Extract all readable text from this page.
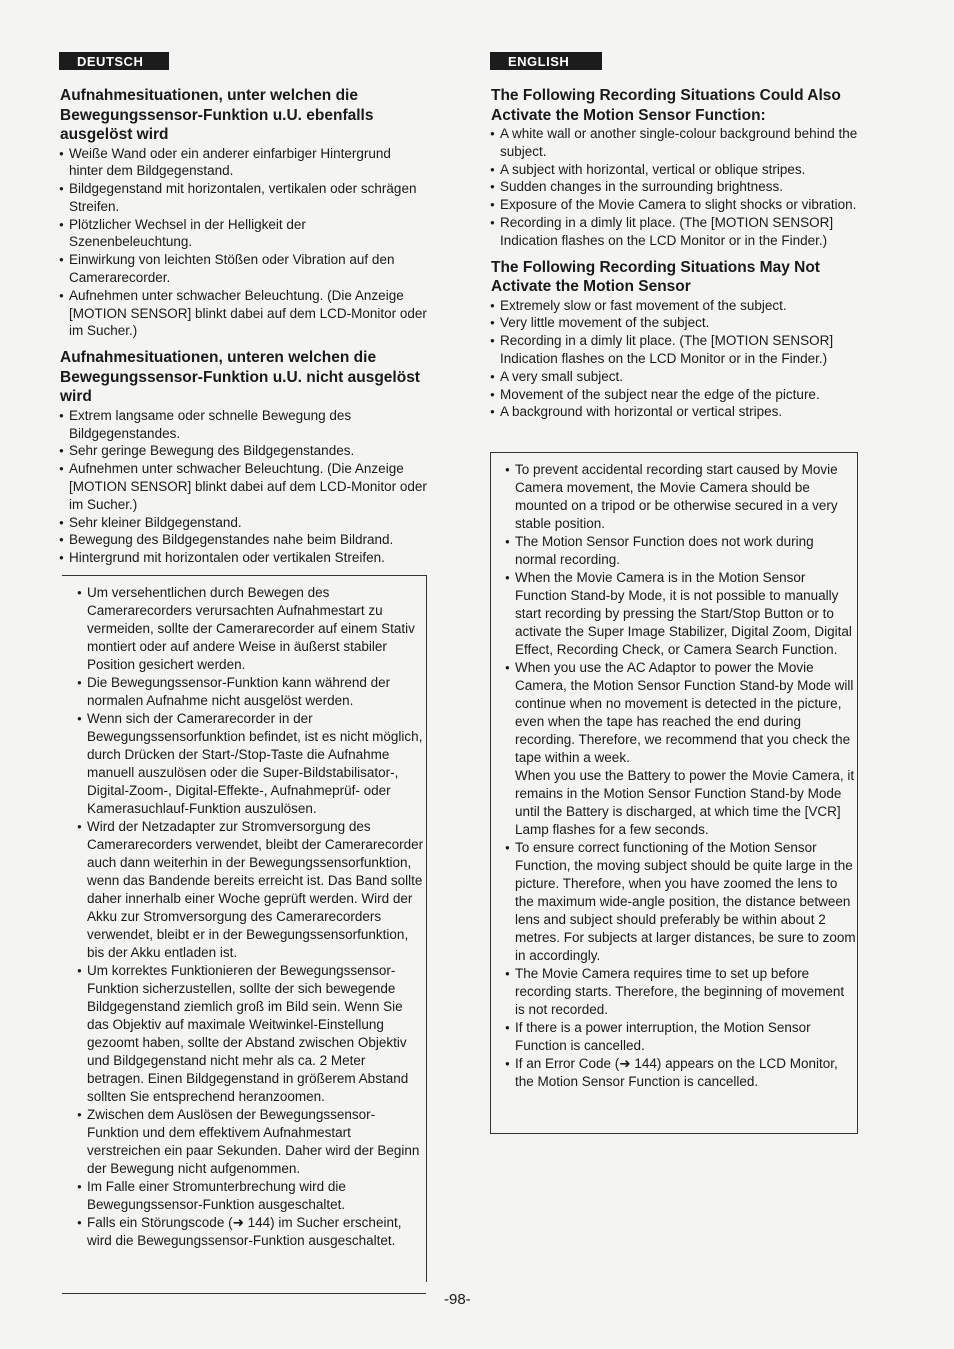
DEUTSCH
Aufnahmesituationen, unter welchen die Bewegungssensor-Funktion u.U. ebenfalls ausgelöst wird
● Weiße Wand oder ein anderer einfarbiger Hintergrund hinter dem Bildgegenstand.
● Bildgegenstand mit horizontalen, vertikalen oder schrägen Streifen.
● Plötzlicher Wechsel in der Helligkeit der Szenenbeleuchtung.
● Einwirkung von leichten Stößen oder Vibration auf den Camerarecorder.
● Aufnehmen unter schwacher Beleuchtung. (Die Anzeige [MOTION SENSOR] blinkt dabei auf dem LCD-Monitor oder im Sucher.)
Aufnahmesituationen, unteren welchen die Bewegungssensor-Funktion u.U. nicht ausgelöst wird
● Extrem langsame oder schnelle Bewegung des Bildgegenstandes.
● Sehr geringe Bewegung des Bildgegenstandes.
● Aufnehmen unter schwacher Beleuchtung. (Die Anzeige [MOTION SENSOR] blinkt dabei auf dem LCD-Monitor oder im Sucher.)
● Sehr kleiner Bildgegenstand.
● Bewegung des Bildgegenstandes nahe beim Bildrand.
● Hintergrund mit horizontalen oder vertikalen Streifen.
● Um versehentlichen durch Bewegen des Camerarecorders verursachten Aufnahmestart zu vermeiden, sollte der Camerarecorder auf einem Stativ montiert oder auf andere Weise in äußerst stabiler Position gesichert werden.
● Die Bewegungssensor-Funktion kann während der normalen Aufnahme nicht ausgelöst werden.
● Wenn sich der Camerarecorder in der Bewegungssensorfunktion befindet, ist es nicht möglich, durch Drücken der Start-/Stop-Taste die Aufnahme manuell auszulösen oder die Super-Bildstabilisator-, Digital-Zoom-, Digital-Effekte-, Aufnahmeprüf- oder Kamerasuchlauf-Funktion auszulösen.
● Wird der Netzadapter zur Stromversorgung des Camerarecorders verwendet, bleibt der Camerarecorder auch dann weiterhin in der Bewegungssensorfunktion, wenn das Bandende bereits erreicht ist. Das Band sollte daher innerhalb einer Woche geprüft werden. Wird der Akku zur Stromversorgung des Camerarecorders verwendet, bleibt er in der Bewegungssensorfunktion, bis der Akku entladen ist.
● Um korrektes Funktionieren der Bewegungssensor-Funktion sicherzustellen, sollte der sich bewegende Bildgegenstand ziemlich groß im Bild sein. Wenn Sie das Objektiv auf maximale Weitwinkel-Einstellung gezoomt haben, sollte der Abstand zwischen Objektiv und Bildgegenstand nicht mehr als ca. 2 Meter betragen. Einen Bildgegenstand in größerem Abstand sollten Sie entsprechend heranzoomen.
● Zwischen dem Auslösen der Bewegungssensor-Funktion und dem effektivem Aufnahmestart verstreichen ein paar Sekunden. Daher wird der Beginn der Bewegung nicht aufgenommen.
● Im Falle einer Stromunterbrechung wird die Bewegungssensor-Funktion ausgeschaltet.
● Falls ein Störungscode (➜ 144) im Sucher erscheint, wird die Bewegungssensor-Funktion ausgeschaltet.
ENGLISH
The Following Recording Situations Could Also Activate the Motion Sensor Function:
● A white wall or another single-colour background behind the subject.
● A subject with horizontal, vertical or oblique stripes.
● Sudden changes in the surrounding brightness.
● Exposure of the Movie Camera to slight shocks or vibration.
● Recording in a dimly lit place. (The [MOTION SENSOR] Indication flashes on the LCD Monitor or in the Finder.)
The Following Recording Situations May Not Activate the Motion Sensor
● Extremely slow or fast movement of the subject.
● Very little movement of the subject.
● Recording in a dimly lit place. (The [MOTION SENSOR] Indication flashes on the LCD Monitor or in the Finder.)
● A very small subject.
● Movement of the subject near the edge of the picture.
● A background with horizontal or vertical stripes.
● To prevent accidental recording start caused by Movie Camera movement, the Movie Camera should be mounted on a tripod or be otherwise secured in a very stable position.
● The Motion Sensor Function does not work during normal recording.
● When the Movie Camera is in the Motion Sensor Function Stand-by Mode, it is not possible to manually start recording by pressing the Start/Stop Button or to activate the Super Image Stabilizer, Digital Zoom, Digital Effect, Recording Check, or Camera Search Function.
● When you use the AC Adaptor to power the Movie Camera, the Motion Sensor Function Stand-by Mode will continue when no movement is detected in the picture, even when the tape has reached the end during recording. Therefore, we recommend that you check the tape within a week.
When you use the Battery to power the Movie Camera, it remains in the Motion Sensor Function Stand-by Mode until the Battery is discharged, at which time the [VCR] Lamp flashes for a few seconds.
● To ensure correct functioning of the Motion Sensor Function, the moving subject should be quite large in the picture. Therefore, when you have zoomed the lens to the maximum wide-angle position, the distance between lens and subject should preferably be within about 2 metres. For subjects at larger distances, be sure to zoom in accordingly.
● The Movie Camera requires time to set up before recording starts. Therefore, the beginning of movement is not recorded.
● If there is a power interruption, the Motion Sensor Function is cancelled.
● If an Error Code (➜ 144) appears on the LCD Monitor, the Motion Sensor Function is cancelled.
-98-
